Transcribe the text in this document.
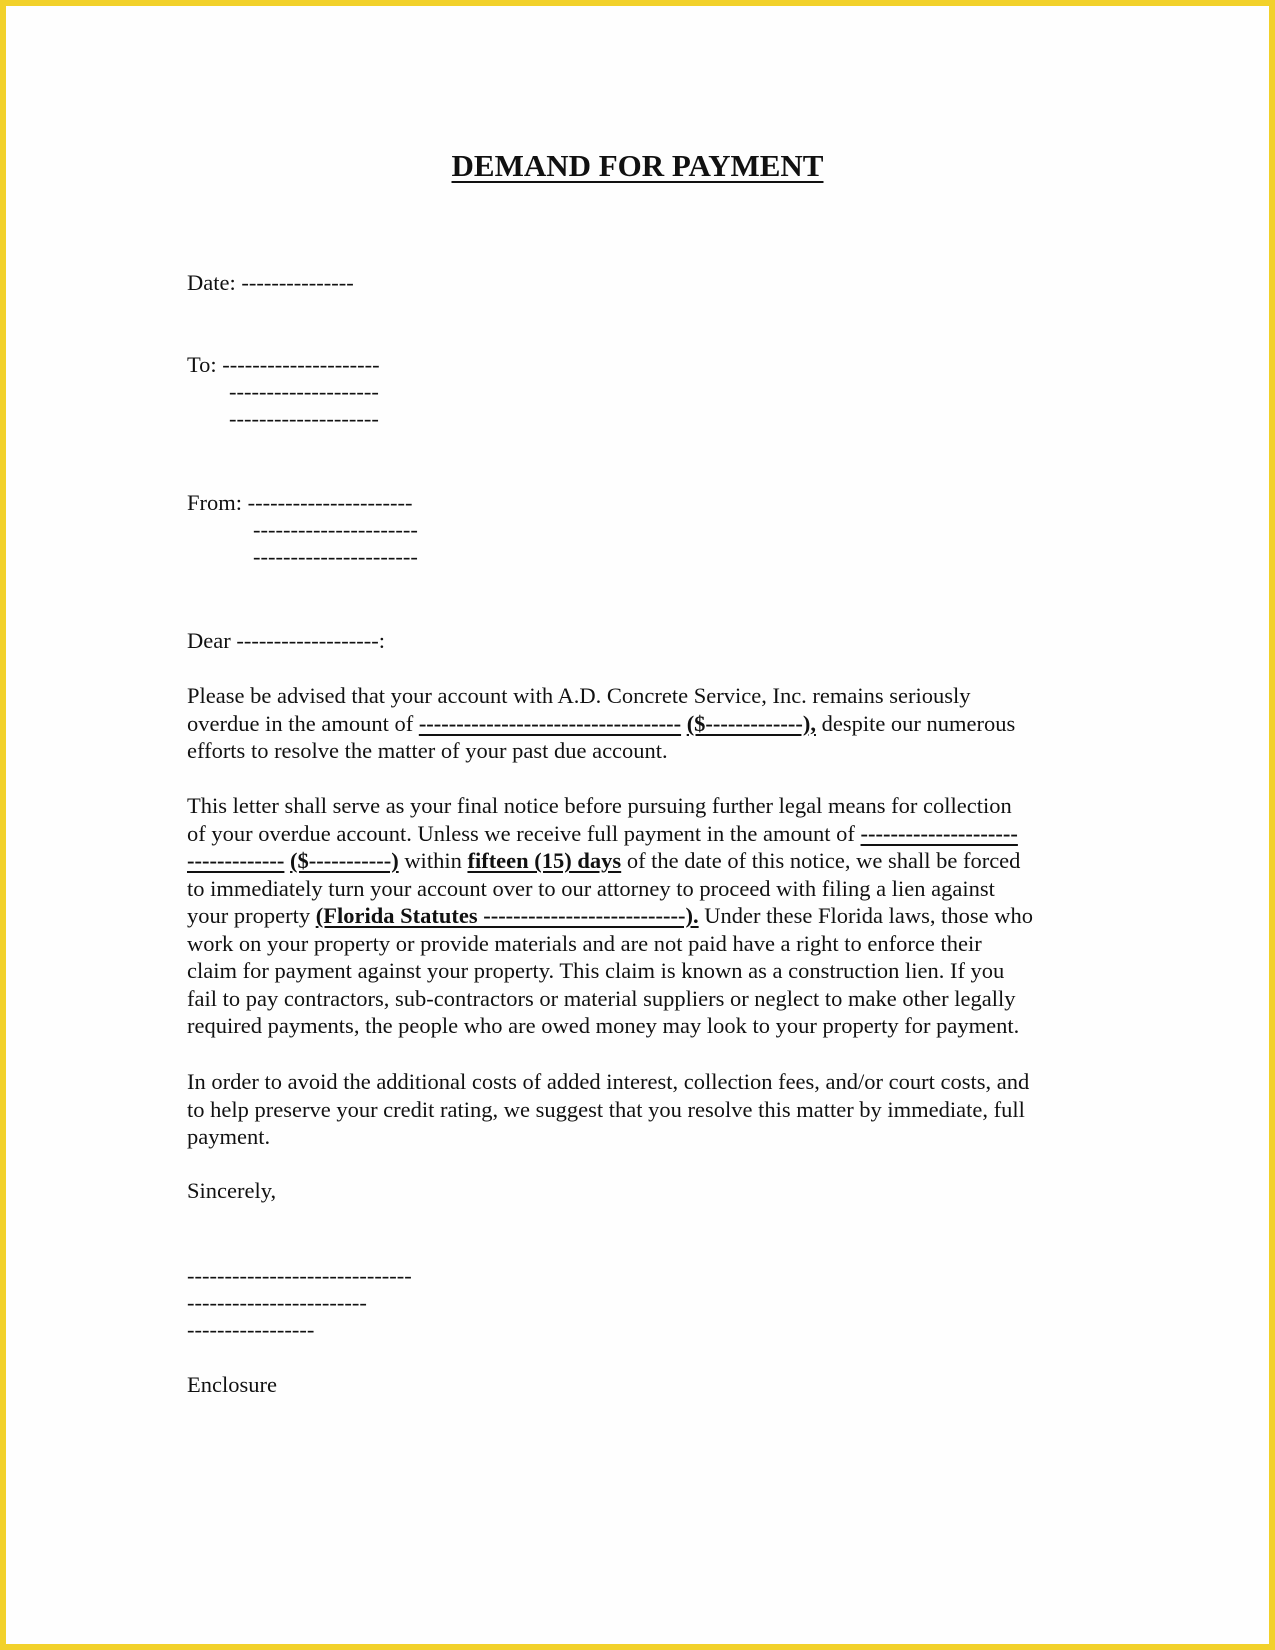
DEMAND FOR PAYMENT
Date: ---------------
To: ---------------------
--------------------
--------------------
From: ----------------------
----------------------
----------------------
Dear -------------------:
Please be advised that your account with A.D. Concrete Service, Inc. remains seriously
overdue in the amount of ----------------------------------- ($-------------), despite our numerous
efforts to resolve the matter of your past due account.
This letter shall serve as your final notice before pursuing further legal means for collection
of your overdue account. Unless we receive full payment in the amount of ---------------------
------------- ($-----------) within fifteen (15) days of the date of this notice, we shall be forced
to immediately turn your account over to our attorney to proceed with filing a lien against
your property (Florida Statutes ---------------------------). Under these Florida laws, those who
work on your property or provide materials and are not paid have a right to enforce their
claim for payment against your property. This claim is known as a construction lien. If you
fail to pay contractors, sub-contractors or material suppliers or neglect to make other legally
required payments, the people who are owed money may look to your property for payment.
In order to avoid the additional costs of added interest, collection fees, and/or court costs, and
to help preserve your credit rating, we suggest that you resolve this matter by immediate, full
payment.
Sincerely,
------------------------------
------------------------
-----------------
Enclosure
